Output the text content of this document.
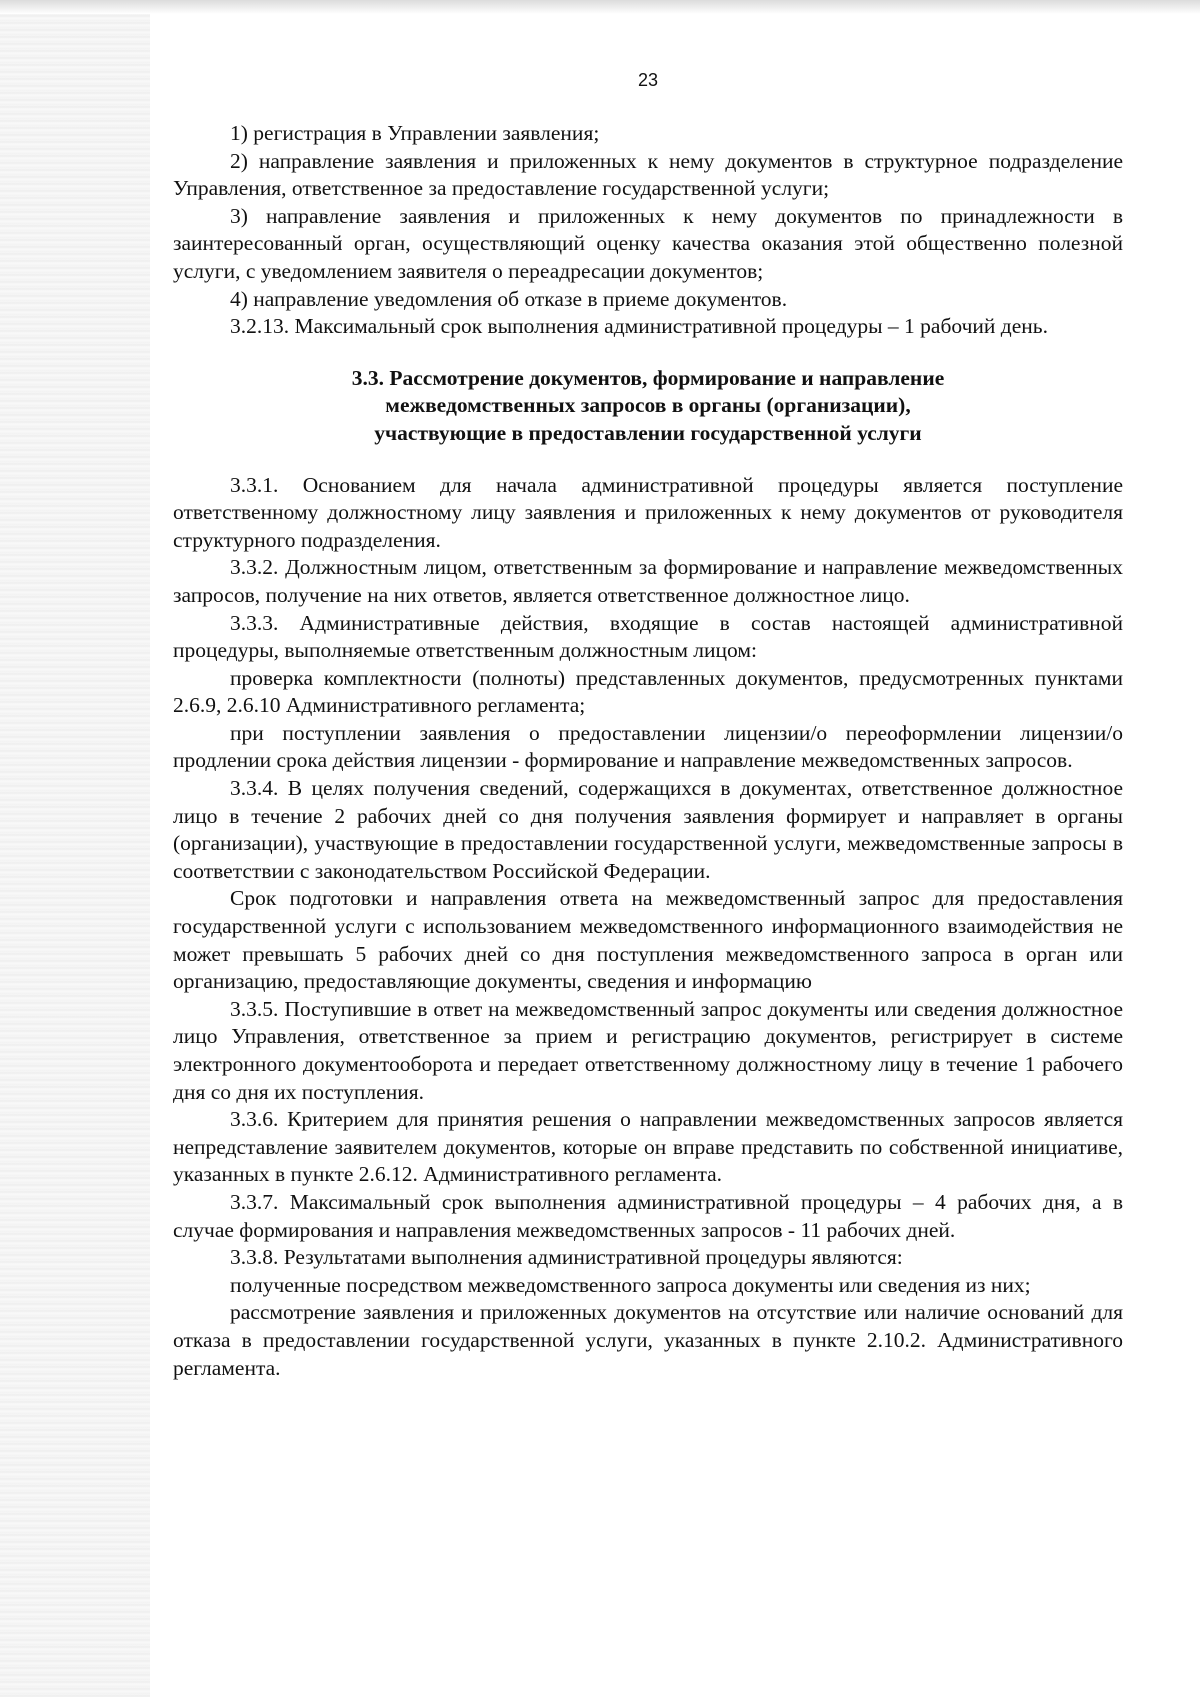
23

1) регистрация в Управлении заявления;

2) направление заявления и приложенных к нему документов в структурное подразделение Управления, ответственное за предоставление государственной услуги;

3) направление заявления и приложенных к нему документов по принадлежности в заинтересованный орган, осуществляющий оценку качества оказания этой общественно полезной услуги, с уведомлением заявителя о переадресации документов;

4) направление уведомления об отказе в приеме документов.

3.2.13. Максимальный срок выполнения административной процедуры – 1 рабочий день.

3.3. Рассмотрение документов, формирование и направление
межведомственных запросов в органы (организации),
участвующие в предоставлении государственной услуги

3.3.1. Основанием для начала административной процедуры является поступление ответственному должностному лицу заявления и приложенных к нему документов от руководителя структурного подразделения.

3.3.2. Должностным лицом, ответственным за формирование и направление межведомственных запросов, получение на них ответов, является ответственное должностное лицо.

3.3.3. Административные действия, входящие в состав настоящей административной процедуры, выполняемые ответственным должностным лицом:

проверка комплектности (полноты) представленных документов, предусмотренных пунктами 2.6.9, 2.6.10 Административного регламента;

при поступлении заявления о предоставлении лицензии/о переоформлении лицензии/о продлении срока действия лицензии - формирование и направление межведомственных запросов.

3.3.4. В целях получения сведений, содержащихся в документах, ответственное должностное лицо в течение 2 рабочих дней со дня получения заявления формирует и направляет в органы (организации), участвующие в предоставлении государственной услуги, межведомственные запросы в соответствии с законодательством Российской Федерации.

Срок подготовки и направления ответа на межведомственный запрос для предоставления государственной услуги с использованием межведомственного информационного взаимодействия не может превышать 5 рабочих дней со дня поступления межведомственного запроса в орган или организацию, предоставляющие документы, сведения и информацию

3.3.5. Поступившие в ответ на межведомственный запрос документы или сведения должностное лицо Управления, ответственное за прием и регистрацию документов, регистрирует в системе электронного документооборота и передает ответственному должностному лицу в течение 1 рабочего дня со дня их поступления.

3.3.6. Критерием для принятия решения о направлении межведомственных запросов является непредставление заявителем документов, которые он вправе представить по собственной инициативе, указанных в пункте 2.6.12. Административного регламента.

3.3.7. Максимальный срок выполнения административной процедуры – 4 рабочих дня, а в случае формирования и направления межведомственных запросов - 11 рабочих дней.

3.3.8. Результатами выполнения административной процедуры являются:

полученные посредством межведомственного запроса документы или сведения из них;

рассмотрение заявления и приложенных документов на отсутствие или наличие оснований для отказа в предоставлении государственной услуги, указанных в пункте 2.10.2. Административного регламента.
